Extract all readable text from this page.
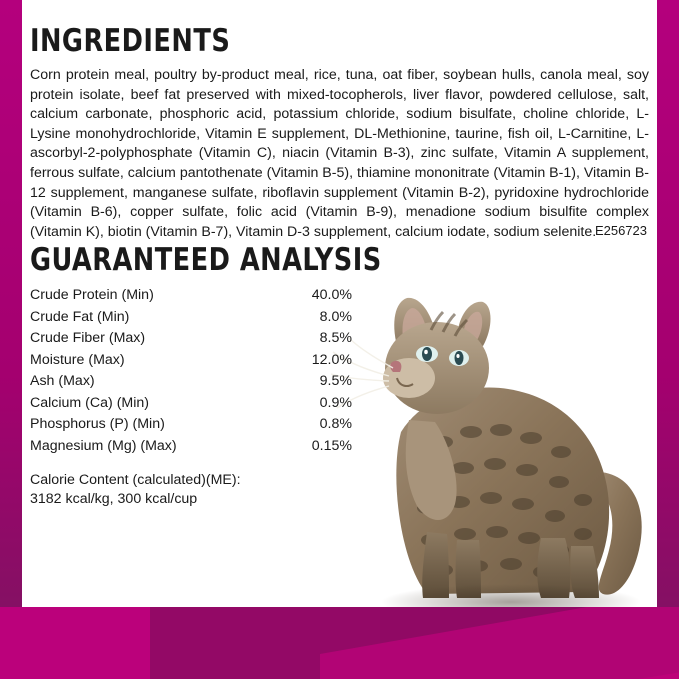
INGREDIENTS

Corn protein meal, poultry by-product meal, rice, tuna, oat fiber, soybean hulls, canola meal, soy protein isolate, beef fat preserved with mixed-tocopherols, liver flavor, powdered cellulose, salt, calcium carbonate, phosphoric acid, potassium chloride, sodium bisulfate, choline chloride, L-Lysine monohydrochloride, Vitamin E supplement, DL-Methionine, taurine, fish oil, L-Carnitine, L-ascorbyl-2-polyphosphate (Vitamin C), niacin (Vitamin B-3), zinc sulfate, Vitamin A supplement, ferrous sulfate, calcium pantothenate (Vitamin B-5), thiamine mononitrate (Vitamin B-1), Vitamin B-12 supplement, manganese sulfate, riboflavin supplement (Vitamin B-2), pyridoxine hydrochloride (Vitamin B-6), copper sulfate, folic acid (Vitamin B-9), menadione sodium bisulfite complex (Vitamin K), biotin (Vitamin B-7), Vitamin D-3 supplement, calcium iodate, sodium selenite.

E256723
GUARANTEED ANALYSIS
Crude Protein (Min)	40.0%
Crude Fat (Min)	8.0%
Crude Fiber (Max)	8.5%
Moisture (Max)	12.0%
Ash (Max)	9.5%
Calcium (Ca) (Min)	0.9%
Phosphorus (P) (Min)	0.8%
Magnesium (Mg) (Max)	0.15%
Calorie Content (calculated)(ME):
3182 kcal/kg, 300 kcal/cup
